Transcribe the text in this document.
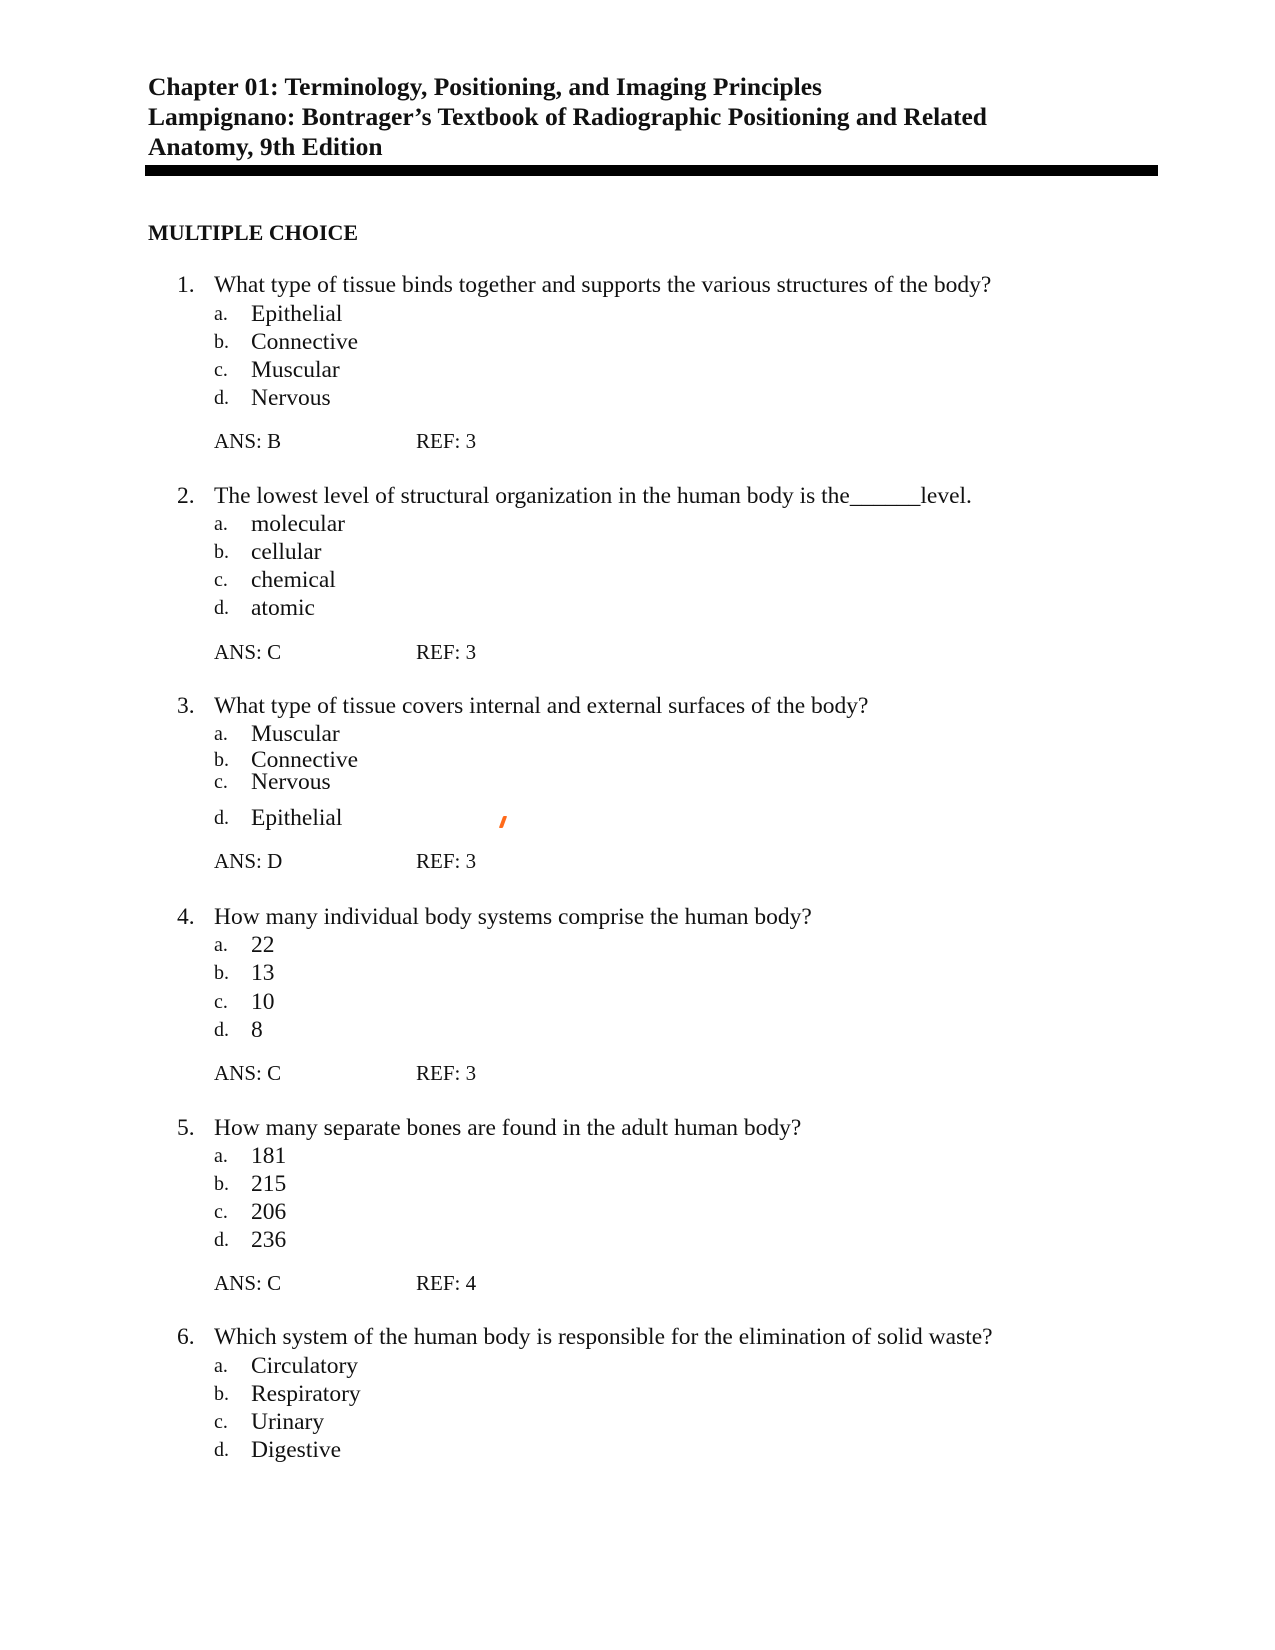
Chapter 01: Terminology, Positioning, and Imaging Principles
Lampignano: Bontrager’s Textbook of Radiographic Positioning and Related
Anatomy, 9th Edition
MULTIPLE CHOICE
1. What type of tissue binds together and supports the various structures of the body?
a. Epithelial
b. Connective
c. Muscular
d. Nervous
ANS: B	REF: 3
2. The lowest level of structural organization in the human body is the______level.
a. molecular
b. cellular
c. chemical
d. atomic
ANS: C	REF: 3
3. What type of tissue covers internal and external surfaces of the body?
a. Muscular
b. Connective
c. Nervous
d. Epithelial
ANS: D	REF: 3
4. How many individual body systems comprise the human body?
a. 22
b. 13
c. 10
d. 8
ANS: C	REF: 3
5. How many separate bones are found in the adult human body?
a. 181
b. 215
c. 206
d. 236
ANS: C	REF: 4
6. Which system of the human body is responsible for the elimination of solid waste?
a. Circulatory
b. Respiratory
c. Urinary
d. Digestive
